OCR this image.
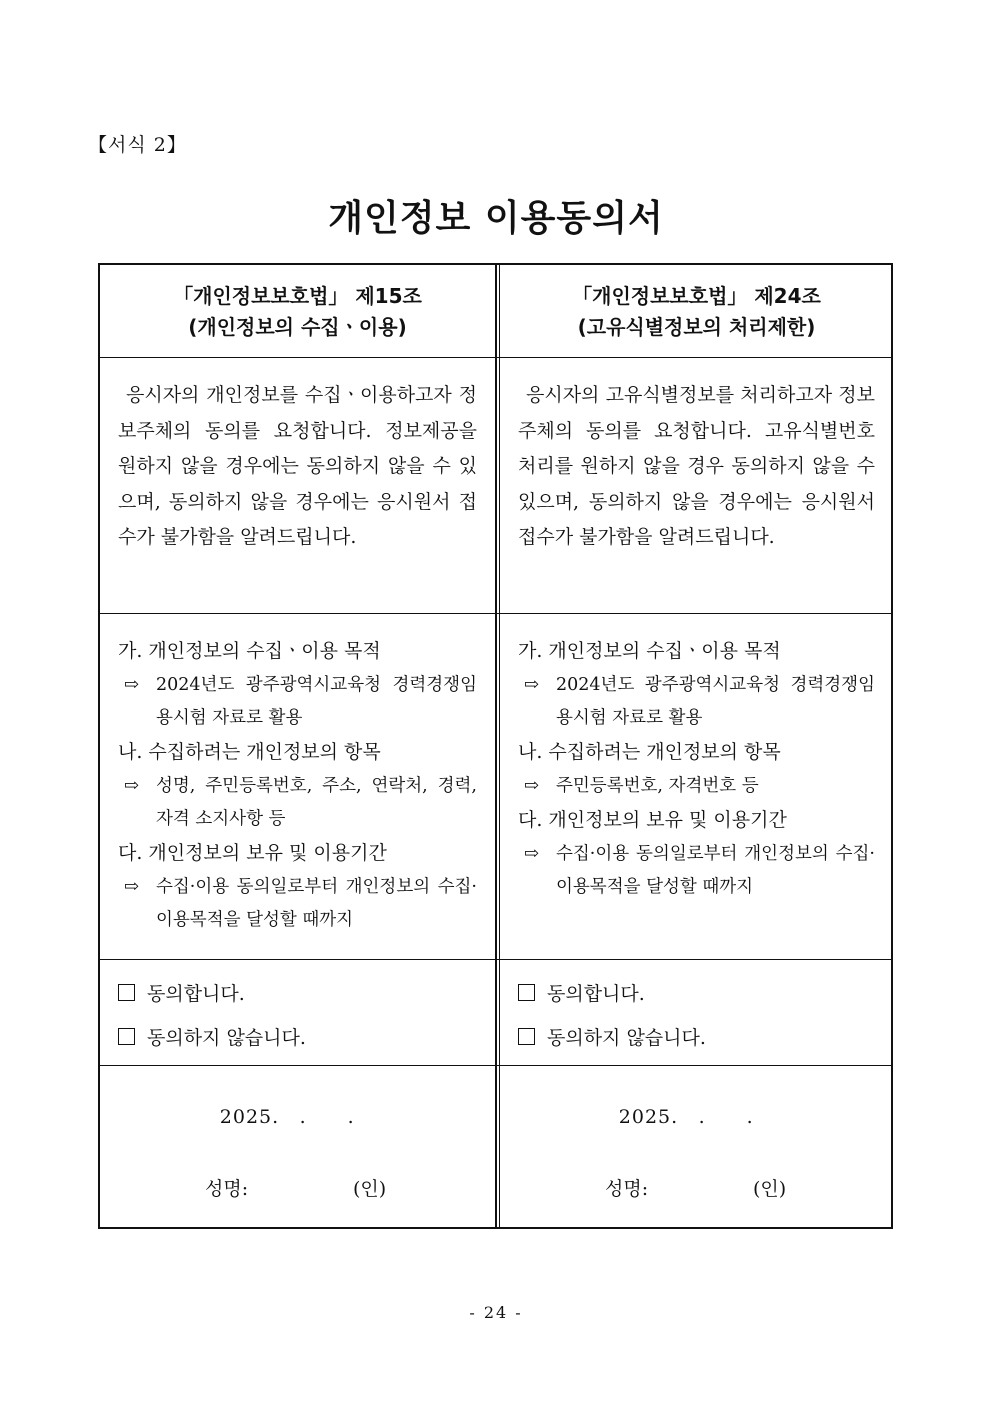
【서식 2】
개인정보 이용동의서
「개인정보보호법」 제15조
(개인정보의 수집ㆍ이용)
응시자의 개인정보를 수집ㆍ이용하고자 정보주체의 동의를 요청합니다. 정보제공을 원하지 않을 경우에는 동의하지 않을 수 있으며, 동의하지 않을 경우에는 응시원서 접수가 불가함을 알려드립니다.
가. 개인정보의 수집ㆍ이용 목적
⇨ 2024년도 광주광역시교육청 경력경쟁임용시험 자료로 활용
나. 수집하려는 개인정보의 항목
⇨ 성명, 주민등록번호, 주소, 연락처, 경력, 자격 소지사항 등
다. 개인정보의 보유 및 이용기간
⇨ 수집·이용 동의일로부터 개인정보의 수집·이용목적을 달성할 때까지
동의합니다.
동의하지 않습니다.
2025. . .
성명:	(인)
「개인정보보호법」 제24조
(고유식별정보의 처리제한)
응시자의 고유식별정보를 처리하고자 정보주체의 동의를 요청합니다. 고유식별번호 처리를 원하지 않을 경우 동의하지 않을 수 있으며, 동의하지 않을 경우에는 응시원서 접수가 불가함을 알려드립니다.
가. 개인정보의 수집ㆍ이용 목적
⇨ 2024년도 광주광역시교육청 경력경쟁임용시험 자료로 활용
나. 수집하려는 개인정보의 항목
⇨ 주민등록번호, 자격번호 등
다. 개인정보의 보유 및 이용기간
⇨ 수집·이용 동의일로부터 개인정보의 수집·이용목적을 달성할 때까지
동의합니다.
동의하지 않습니다.
2025. . .
성명:	(인)
- 24 -
